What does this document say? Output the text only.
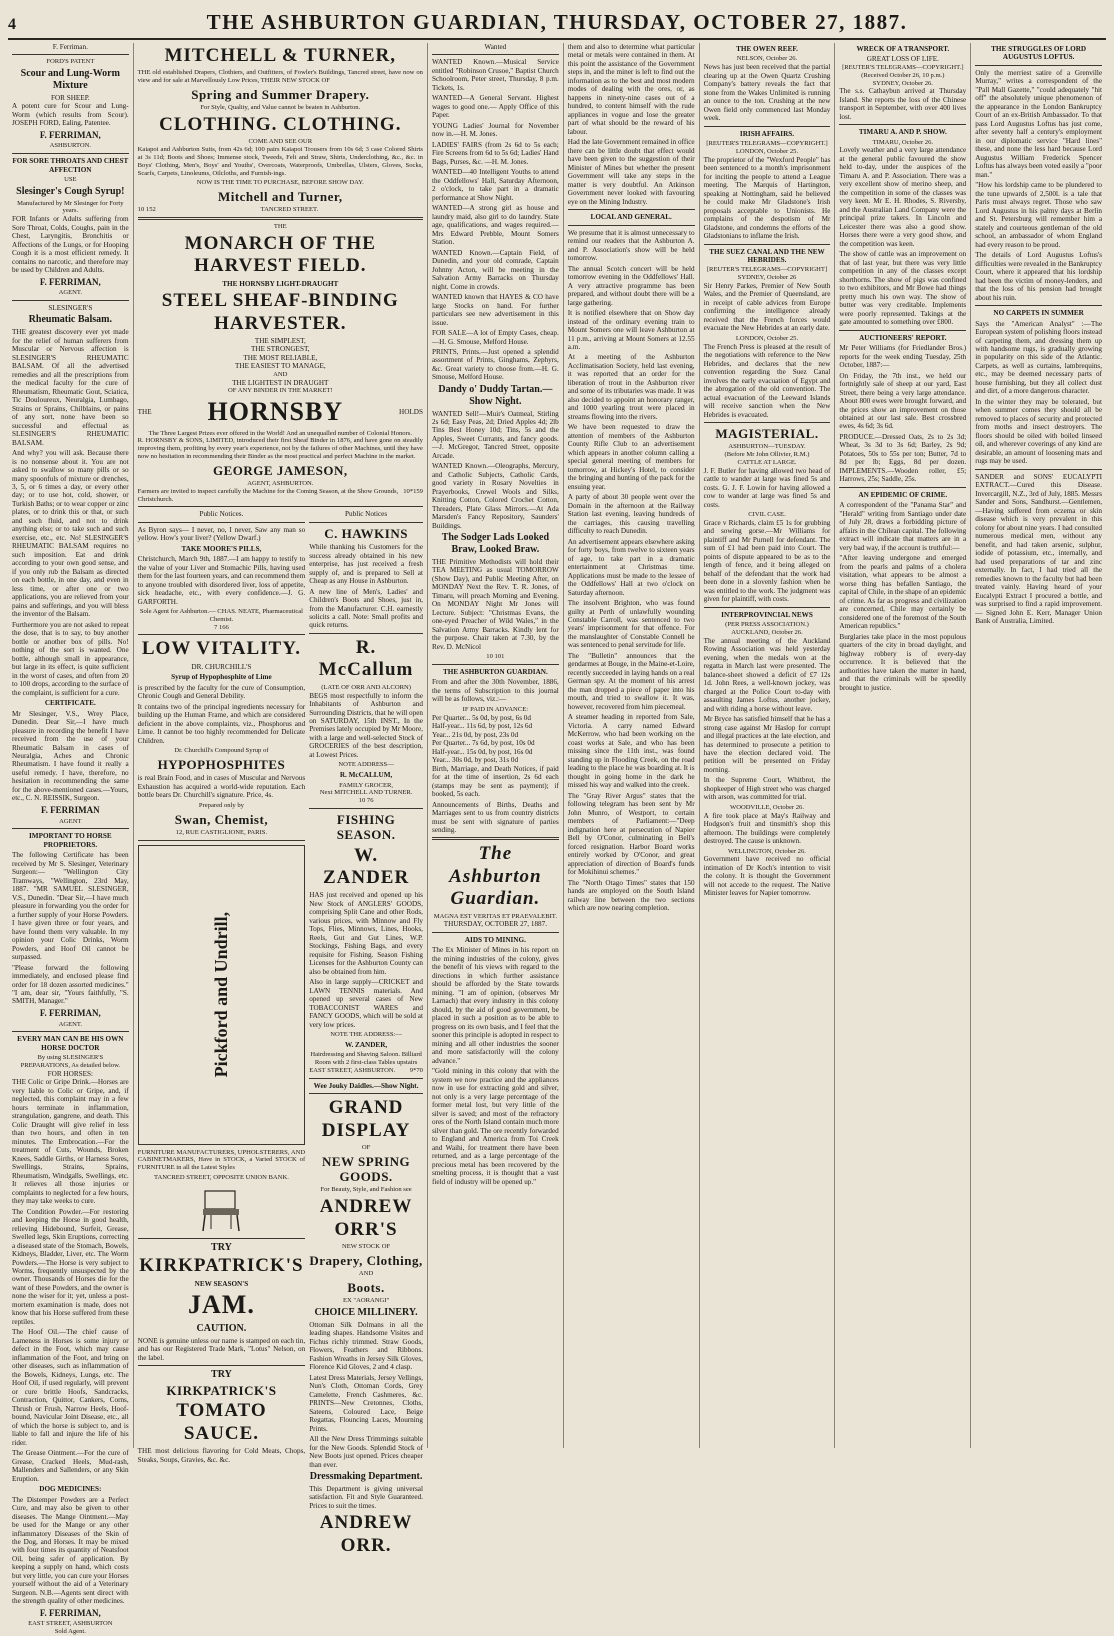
4	THE ASHBURTON GUARDIAN, THURSDAY, OCTOBER 27, 1887.
F. Ferriman.
FORD'S PATENT
Scour and Lung-Worm Mixture
FOR SHEEP.

A potent cure for Scour and Lung-Worm (which results from Scour). JOSEPH FORD, Ealing, Patentee.

F. FERRIMAN,
ASHBURTON.
FOR SORE THROATS AND CHEST AFFECTION
USE
Slesinger's Cough Syrup!
Manufactured by Mr Slesinger for Forty years.

FOR Infants or Adults suffering from Sore Throat, Colds, Coughs, pain in the Chest, Laryngitis, Bronchitis or Affections of the Lungs, or for Hooping Cough it is a most efficient remedy. It contains no narcotic, and therefore may be used by Children and Adults.

F. FERRIMAN,
AGENT.
SLESINGER'S
Rheumatic Balsam.

THE greatest discovery ever yet made for the relief of human sufferers from Muscular or Nervous affection is SLESINGER'S RHEUMATIC BALSAM. Of all the advertised remedies and all the prescriptions from the medical faculty for the cure of Rheumatism, Rheumatic Gout, Sciatica, Tic Douloureux, Neuralgia, Lumbago, Strains or Sprains, Chilblains, or pains of any sort, none have been so successful and effectual as SLESINGER'S RHEUMATIC BALSAM.

And why? you will ask. Because there is no nonsense about it. You are not asked to swallow so many pills or so many spoonfuls of mixture or drenches, 3, 5, or 6 times a day, or every other day; or to use hot, cold, shower, or Turkish Baths; or to wear copper or zinc plates, or to drink this or that, or such and such fluid, and not to drink anything else; or to take such and such exercise, etc., etc. No! SLESINGER'S RHEUMATIC BALSAM requires no such imposition. Eat and drink according to your own good sense, and if you only rub the Balsam as directed on each bottle, in one day, and even in less time, or after one or two applications, you are relieved from your pains and sufferings, and you will bless the inventor of the Balsam.

Furthermore you are not asked to repeat the dose, that is to say, to buy another bottle or another box of pills. No! nothing of the sort is wanted. One bottle, although small in appearance, but large in its effect, is quite sufficient in the worst of cases, and often from 20 to 100 drops, according to the surface of the complaint, is sufficient for a cure.

CERTIFICATE.

Mr Slesinger, V.S., Wrey Place, Dunedin. Dear Sir,—I have much pleasure in recording the benefit I have received from the use of your Rheumatic Balsam in cases of Neuralgia, Aches and Chronic Rheumatism. I have found it really a useful remedy. I have, therefore, no hesitation in recommending the same for the above-mentioned cases.—Yours, etc., C. N. REISSIK, Surgeon.

F. FERRIMAN
AGENT
IMPORTANT TO HORSE PROPRIETORS.

The following Certificate has been received by Mr S. Slesinger, Veterinary Surgeon:— "Wellington City Tramways, "Wellington, 23rd May, 1887. "MR SAMUEL SLESINGER, V.S., Dunedin. "Dear Sir,—I have much pleasure in forwarding you the order for a further supply of your Horse Powders. I have given three or four years, and have found them very valuable. In my opinion your Colic Drinks, Worm Powders, and Hoof Oil cannot be surpassed.

"Please forward the following immediately, and enclosed please find order for 18 dozen assorted medicines." "I am, dear sir, "Yours faithfully, "S. SMITH, Manager."

F. FERRIMAN,
AGENT.
EVERY MAN CAN BE HIS OWN HORSE DOCTOR
By using SLESINGER'S PREPARATIONS, As detailed below.
FOR HORSES:

THE Colic or Gripe Drink.—Horses are very liable to Colic or Gripe, and, if neglected, this complaint may in a few hours terminate in inflammation, strangulation, gangrene, and death. This Colic Draught will give relief in less than two hours, and often in ten minutes. The Embrocation.—For the treatment of Cuts, Wounds, Broken Knees, Saddle Girths, or Harness Sores, Swellings, Strains, Sprains, Rheumatism, Windgalls, Swellings, etc. It relieves all those injuries or complaints to neglected for a few hours, they may take weeks to cure.

The Condition Powder.—For restoring and keeping the Horse in good health, relieving Hidebound, Surfeit, Grease, Swelled legs, Skin Eruptions, correcting a diseased state of the Stomach, Bowels, Kidneys, Bladder, Liver, etc. The Worm Powders.—The Horse is very subject to Worms, frequently unsuspected by the owner. Thousands of Horses die for the want of these Powders, and the owner is none the wiser for it; yet, unless a post-mortem examination is made, does not know that his Horse suffered from these reptiles.

The Hoof Oil.—The chief cause of Lameness in Horses is some injury or defect in the Foot, which may cause inflammation of the Foot, and bring on other diseases, such as inflammation of the Bowels, Kidneys, Lungs, etc. The Hoof Oil, if used regularly, will prevent or cure brittle Hoofs, Sandcracks, Contraction, Quittor, Cankers, Corns, Thrush or Frush, Narrow Heels, Hoof-bound, Navicular Joint Disease, etc., all of which the horse is subject to, and is liable to fall and injure the life of his rider.

The Grease Ointment.—For the cure of Grease, Cracked Heels, Mud-rash, Mallenders and Sallenders, or any Skin Eruption.

DOG MEDICINES:

The Distemper Powders are a Perfect Cure, and may also be given to other diseases. The Mange Ointment.—May be used for the Mange or any other inflammatory Diseases of the Skin of the Dog, and Horses. It may be mixed with four times its quantity of Neatsfoot Oil, being safer of application. By keeping a supply on hand, which costs but very little, you can cure your Horses yourself without the aid of a Veterinary Surgeon. N.B.—Agents sent direct with the strength quality of other medicines.

F. FERRIMAN,
EAST STREET, ASHBURTON
Sold Agent.
MITCHELL & TURNER,

THE old established Drapers, Clothiers, and Outfitters, of Fowler's Buildings, Tancred street, have now on view and for sale at Marvellously Low Prices, THEIR NEW STOCK OF

Spring and Summer Drapery.
For Style, Quality, and Value cannot be beaten in Ashburton.
CLOTHING. CLOTHING.
COME AND SEE OUR

Kaiapoi and Ashburton Suits, from 42s 6d; 100 pairs Kaiapoi Trousers from 10s 6d; 3 case Colored Shirts at 3s 11d; Boots and Shoes; Immense stock, Tweeds, Felt and Straw, Shirts, Underclothing, &c., &c. in Boys' Clothing, Men's, Boys' and Youths', Overcoats, Waterproofs, Umbrellas, Ulsters, Gloves, Socks, Scarfs, Carpets, Linoleums, Oilcloths, and Furnish-ings.

NOW IS THE TIME TO PURCHASE, BEFORE SHOW DAY.
Mitchell and Turner,
10 152	TANCRED STREET.
THE
MONARCH OF THE HARVEST FIELD.
THE HORNSBY LIGHT-DRAUGHT
STEEL SHEAF-BINDING HARVESTER.
THE SIMPLEST,
THE STRONGEST,
THE MOST RELIABLE,
THE EASIEST TO MANAGE,
AND
THE LIGHTEST IN DRAUGHT
OF ANY BINDER IN THE MARKET!
THE HORNSBY	HOLDS
The Three Largest Prizes ever offered in the World! And an unequalled number of Colonial Honors.

R. HORNSBY & SONS, LIMITED, introduced their first Sheaf Binder in 1876, and have gone on steadily improving them, profiting by every year's experience, not by the failures of other Machines, until they have now no hesitation in recommending their Binder as the most practical and perfect Machine in the market.

GEORGE JAMESON,
AGENT, ASHBURTON.
Farmers are invited to inspect carefully the Machine for the Coming Season, at the Show Grounds, Christchurch.
10*159
Public Notices.

As Byron says— I never, no, I never, Saw any man so yellow. How's your liver? (Yellow Dwarf.)

TAKE MOORE'S PILLS,

Christchurch, March 9th, 1887.—I am happy to testify to the value of your Liver and Stomachic Pills, having used them for the last fourteen years, and can recommend them to anyone troubled with disordered liver, loss of appetite, sick headache, etc., with every confidence.—J. G. GARFORTH.

Sole Agent for Ashburton.— CHAS. NEATE, Pharmaceutical Chemist.
7 166
LOW VITALITY.
DR. CHURCHILL'S
Syrup of Hypophosphite of Lime

is prescribed by the faculty for the cure of Consumption, Chronic Cough and General Debility.

It contains two of the principal ingredients necessary for building up the Human Frame, and which are considered deficient in the above complaints, viz., Phosphorus and Lime. It cannot be too highly recommended for Delicate Children.

Dr. Churchill's Compound Syrup of
HYPOPHOSPHITES

is real Brain Food, and in cases of Muscular and Nervous Exhaustion has acquired a world-wide reputation. Each bottle bears Dr. Churchill's signature. Price, 4s.

Prepared only by
Swan, Chemist,
12, RUE CASTIGLIONE, PARIS.
Pickford and Undrill,

FURNITURE MANUFACTURERS, UPHOLSTERERS, AND CABINETMAKERS, Have in STOCK, a Varied STOCK of FURNITURE in all the Latest Styles

TANCRED STREET, OPPOSITE UNION BANK.
TRY
KIRKPATRICK'S
NEW SEASON'S
JAM.
CAUTION.

NONE is genuine unless our name is stamped on each tin, and has our Registered Trade Mark, "Lotus" Nelson, on the label.

TRY
KIRKPATRICK'S
TOMATO SAUCE.

THE most delicious flavoring for Cold Meats, Chops, Steaks, Soups, Gravies, &c. &c.

Public Notices
C. HAWKINS

While thanking his Customers for the success already obtained in his new enterprise, has just received a fresh supply of, and is prepared to Sell at Cheap as any House in Ashburton.

A new line of Men's, Ladies' and Children's Boots and Shoes, just in, from the Manufacturer. C.H. earnestly solicits a call. Note: Small profits and quick returns.

R. McCallum
(LATE OF ORR AND ALCORN)

BEGS most respectfully to inform the Inhabitants of Ashburton and Surrounding Districts, that he will open on SATURDAY, 15th INST., In the Premises lately occupied by Mr Moore, with a large and well-selected Stock of GROCERIES of the best description, at Lowest Prices.

NOTE ADDRESS—
R. McCALLUM,
FAMILY GROCER,
Next MITCHELL AND TURNER.
10 76
FISHING SEASON.
W. ZANDER

HAS just received and opened up his New Stock of ANGLERS' GOODS, comprising Split Cane and other Rods, various prices, with Minnow and Fly Tops, Flies, Minnows, Lines, Hooks, Reels, Gut and Gut Lines, W.P. Stockings, Fishing Bags, and every requisite for Fishing. Season Fishing Licenses for the Ashburton County can also be obtained from him.

Also in large supply—CRICKET and LAWN TENNIS materials. And opened up several cases of New TOBACCONIST WARES and FANCY GOODS, which will be sold at very low prices.

NOTE THE ADDRESS:—
W. ZANDER,
Hairdressing and Shaving Saloon. Billiard Room with 2 first-class Tables upstairs
EAST STREET, ASHBURTON. 9*70
Wee Jouky Daidles.—Show Night.
GRAND DISPLAY
OF
NEW SPRING GOODS.
For Beauty, Style, and Fashion see
ANDREW ORR'S
NEW STOCK OF
Drapery, Clothing,
AND
Boots.
EX "AORANGI"
CHOICE MILLINERY.

Ottoman Silk Dolmans in all the leading shapes. Handsome Visites and Fichus richly trimmed. Straw Goods, Flowers, Feathers and Ribbons. Fashion Wreaths in Jersey Silk Gloves, Florence Kid Gloves, 2 and 4 clasp.

Latest Dress Materials, Jersey Vellings, Nun's Cloth, Ottoman Cords, Grey Camelette, French Cashmeres, &c. PRINTS—New Cretonnes, Cloths, Sateens, Coloured Lace, Beige Regattas, Flouncing Laces, Mourning Prints.

All the New Dress Trimmings suitable for the New Goods. Splendid Stock of New Boots just opened. Prices cheaper than ever.

Dressmaking Department.

This Department is giving universal satisfaction. Fit and Style Guaranteed. Prices to suit the times.

ANDREW ORR.
Wanted

WANTED Known.—Musical Service entitled "Robinson Crusoe," Baptist Church Schoolroom, Peter street, Thursday, 8 p.m. Tickets, 1s.

WANTED—A General Servant. Highest wages to good one.— Apply Office of this Paper.

YOUNG Ladies' Journal for November now in.—H. M. Jones.

LADIES' FAIRS (from 2s 6d to 5s each; Fire Screens from 6d to 5s 6d; Ladies' Hand Bags, Purses, &c. —H. M. Jones.

WANTED—40 Intelligent Youths to attend the Oddfellows' Hall, Saturday Afternoon, 2 o'clock, to take part in a dramatic performance at Show Night.

WANTED—A strong girl as house and laundry maid, also girl to do laundry. State age, qualifications, and wages required.—Mrs Edward Prebble, Mount Somers Station.

WANTED Known.—Captain Field, of Dunedin, and your old comrade, Captain Johnny Acton, will be meeting in the Salvation Army Barracks on Thursday night. Come in crowds.

WANTED known that HAYES & CO have large Stocks on hand. For further particulars see new advertisement in this issue.

FOR SALE—A lot of Empty Cases, cheap.—H. G. Smouse, Melford House.

PRINTS, Prints.—Just opened a splendid assortment of Prints, Ginghams, Zephyrs, &c. Great variety to choose from.—H. G. Smouse, Melford House.

Dandy o' Duddy Tartan.—Show Night.

WANTED Sell!—Muir's Oatmeal, Stirling 2s 6d; Easy Peas, 2d; Dried Apples 4d; 2lb Tins Best Honey 10d; Tins, 5s and the Apples, Sweet Currants, and fancy goods.—J. McGregor, Tancred Street, opposite Arcade.

WANTED Known.—Oleographs, Mercury, and Catholic Subjects, Catholic Cards, good variety in Rosary Novelties in Prayerbooks, Crewel Wools and Silks, Knitting Cotton, Colored Crochet Cotton, Threaders, Plate Glass Mirrors.—At Ada Marsden's Fancy Repository, Saunders' Buildings.

The Sodger Lads Looked Braw, Looked Braw.

THE Primitive Methodists will hold their TEA MEETING as usual TOMORROW (Show Day), and Public Meeting After, on MONDAY Next the Rev. T. R. Jones, of Timaru, will preach Morning and Evening. On MONDAY Night Mr Jones will Lecture. Subject: "Christmas Evans, the one-eyed Preacher of Wild Wales," in the Salvation Army Barracks. Kindly lent for the purpose. Chair taken at 7.30, by the Rev. D. McNicol

10 101
THE ASHBURTON GUARDIAN.

From and after the 30th November, 1886, the terms of Subscription to this journal will be as follows, viz.:—

IF PAID IN ADVANCE:
Per Quarter... 5s 0d, by post, 6s 0d
Half-year... 11s 6d, by post, 12s 6d
Year... 21s 0d, by post, 23s 0d
Per Quarter... 7s 6d, by post, 10s 0d
Half-year... 15s 0d, by post, 16s 0d
Year... 30s 0d, by post, 31s 0d

Birth, Marriage, and Death Notices, if paid for at the time of insertion, 2s 6d each (stamps may be sent as payment); if booked, 5s each.

Announcements of Births, Deaths and Marriages sent to us from country districts must be sent with signature of parties sending.

The Ashburton Guardian.
MAGNA EST VERITAS ET PRAEVALEBIT.
THURSDAY, OCTOBER 27, 1887.
AIDS TO MINING.

The Ex Minister of Mines in his report on the mining industries of the colony, gives the benefit of his views with regard to the directions in which further assistance should be afforded by the State towards mining. "I am of opinion, (observes Mr Larnach) that every industry in this colony should, by the aid of good government, be placed in such a position as to be able to progress on its own basis, and I feel that the sooner this principle is adopted in respect to mining and all other industries the sooner and more satisfactorily will the colony advance."

"Gold mining in this colony that with the system we now practice and the appliances now in use for extracting gold and silver, not only is a very large percentage of the former metal lost, but very little of the silver is saved; and most of the refractory ores of the North Island contain much more silver than gold. The ore recently forwarded to England and America from Toi Creek and Waihi, for treatment there have been returned, and as a large percentage of the precious metal has been recovered by the smelting process, it is thought that a vast field of industry will be opened up."

them and also to determine what particular metal or metals were contained in them. At this point the assistance of the Government steps in, and the miner is left to find out the information as to the best and most modern modes of dealing with the ores, or, as happens in ninety-nine cases out of a hundred, to content himself with the rude appliances in vogue and lose the greater part of what should be the reward of his labour.

Had the late Government remained in office there can be little doubt that effect would have been given to the suggestion of their Minister of Mines but whether the present Government will take any steps in the matter is very doubtful. An Atkinson Government never looked with favouring eye on the Mining Industry.

LOCAL AND GENERAL.

We presume that it is almost unnecessary to remind our readers that the Ashburton A. and P. Association's show will be held tomorrow.

The annual Scotch concert will be held tomorrow evening in the Oddfellows' Hall. A very attractive programme has been prepared, and without doubt there will be a large gathering.

It is notified elsewhere that on Show day instead of the ordinary evening train to Mount Somers one will leave Ashburton at 11 p.m., arriving at Mount Somers at 12.55 a.m.

At a meeting of the Ashburton Acclimatisation Society, held last evening, it was reported that an order for the liberation of trout in the Ashburton river and some of its tributaries was made. It was also decided to appoint an honorary ranger, and 1000 yearling trout were placed in streams flowing into the rivers.

We have been requested to draw the attention of members of the Ashburton County Rifle Club to an advertisement which appears in another column calling a special general meeting of members for tomorrow, at Hickey's Hotel, to consider the bringing and hunting of the pack for the ensuing year.

A party of about 30 people went over the Domain in the afternoon at the Railway Station last evening, leaving hundreds of the carriages, this causing travelling difficulty to reach Dunedin.

An advertisement appears elsewhere asking for forty boys, from twelve to sixteen years of age, to take part in a dramatic entertainment at Christmas time. Applications must be made to the lessee of the Oddfellows' Hall at two o'clock on Saturday afternoon.

The insolvent Brighton, who was found guilty at Perth of unlawfully wounding Constable Carroll, was sentenced to two years' imprisonment for that offence. For the manslaughter of Constable Connell he was sentenced to penal servitude for life.

The "Bulletin" announces that the gendarmes at Bouge, in the Maine-et-Loire, recently succeeded in laying hands on a real German spy. At the moment of his arrest the man dropped a piece of paper into his mouth, and tried to swallow it. It was, however, recovered from him piecemeal.

A steamer heading in reported from Sale, Victoria. A carry named Edward McKerrow, who had been working on the coast works at Sale, and who has been missing since the 11th inst., was found standing up in Flooding Creek, on the road leading to the place he was boarding at. It is thought in going home in the dark he missed his way and walked into the creek.

The "Gray River Argus" states that the following telegram has been sent by Mr John Munro, of Westport, to certain members of Parliament:—"Deep indignation here at persecution of Napier Bell by O'Conor, culminating in Bell's forced resignation. Harbor Board works entirely worked by O'Conor, and great appreciation of direction of Board's funds for Mokihinui schemes."

The "North Otago Times" states that 150 hands are employed on the South Island railway line between the two sections which are now nearing completion.

THE OWEN REEF.
NELSON, October 26.

News has just been received that the partial clearing up at the Owen Quartz Crushing Company's battery reveals the fact that stone from the Wakes Unlimited is running an ounce to the ton. Crushing at the new Owen field only commenced last Monday week.

IRISH AFFAIRS.
[REUTER'S TELEGRAMS—COPYRIGHT.]
LONDON, October 25.

The proprietor of the "Wexford People" has been sentenced to a month's imprisonment for inciting the people to attend a League meeting. The Marquis of Hartington, speaking at Nottingham, said he believed he could make Mr Gladstone's Irish proposals acceptable to Unionists. He complains of the despotism of Mr Gladstone, and condemns the efforts of the Gladstonians to inflame the Irish.

THE SUEZ CANAL AND THE NEW HEBRIDES.
[REUTER'S TELEGRAMS—COPYRIGHT]
SYDNEY, October 26

Sir Henry Parkes, Premier of New South Wales, and the Premier of Queensland, are in receipt of cable advices from Europe confirming the intelligence already received that the French forces would evacuate the New Hebrides at an early date.

LONDON, October 25.

The French Press is pleased at the result of the negotiations with reference to the New Hebrides, and declares that the new convention regarding the Suez Canal involves the early evacuation of Egypt and the abrogation of the old convention. The actual evacuation of the Leeward Islands will receive sanction when the New Hebrides is evacuated.

MAGISTERIAL.
ASHBURTON—TUESDAY.
(Before Mr John Ollivier, R.M.)
CATTLE AT LARGE.

J. F. Butler for having allowed two head of cattle to wander at large was fined 5s and costs. G. J. F. Lowin for having allowed a cow to wander at large was fined 5s and costs.

CIVIL CASE.

Grace v Richards, claim £5 1s for grubbing and sowing gorse.—Mr Williams for plaintiff and Mr Purnell for defendant. The sum of £1 had been paid into Court. The points of dispute appeared to be as to the length of fence, and it being alleged on behalf of the defendant that the work had been done in a slovenly fashion when he was entitled to the work. The judgment was given for plaintiff, with costs.

INTERPROVINCIAL NEWS
(PER PRESS ASSOCIATION.)
AUCKLAND, October 26.

The annual meeting of the Auckland Rowing Association was held yesterday evening, when the medals won at the regatta in March last were presented. The balance-sheet showed a deficit of £7 12s 1d. John Rees, a well-known jockey, was charged at the Police Court to-day with assaulting James Loftus, another jockey, and with riding a horse without leave.

Mr Bryce has satisfied himself that he has a strong case against Mr Haslop for corrupt and illegal practices at the late election, and has determined to prosecute a petition to have the election declared void. The petition will be presented on Friday morning.

In the Supreme Court, Whitbrot, the shopkeeper of High street who was charged with arson, was committed for trial.

WOODVILLE, October 26.

A fire took place at May's Railway and Hodgson's fruit and tinsmith's shop this afternoon. The buildings were completely destroyed. The cause is unknown.

WELLINGTON, October 26.

Government have received no official intimation of Dr Koch's intention to visit the colony. It is thought the Government will not accede to the request. The Native Minister leaves for Napier tomorrow.

WRECK OF A TRANSPORT.
GREAT LOSS OF LIFE.
[REUTER'S TELEGRAMS—COPYRIGHT.]
(Received October 26, 10 p.m.)
SYDNEY, October 26.

The s.s. Cathaybun arrived at Thursday Island. She reports the loss of the Chinese transport in September, with over 400 lives lost.

TIMARU A. AND P. SHOW.
TIMARU, October 26.

Lovely weather and a very large attendance at the general public favoured the show held to-day, under the auspices of the Timaru A. and P. Association. There was a very excellent show of merino sheep, and the competition in some of the classes was very keen. Mr E. H. Rhodes, S. Riversby, and the Australian Land Company were the principal prize takers. In Lincoln and Leicester there was also a good show. Horses there were a very good show, and the competition was keen.

The show of cattle was an improvement on that of last year, but there was very little competition in any of the classes except shorthorns. The show of pigs was confined to two exhibitors, and Mr Bowe had things pretty much his own way. The show of butter was very creditable. Implements were poorly represented. Takings at the gate amounted to something over £800.

AUCTIONEERS' REPORT.

Mr Peter Williams (for Friedlander Bros.) reports for the week ending Tuesday, 25th October, 1887:—

On Friday, the 7th inst., we held our fortnightly sale of sheep at our yard, East Street, there being a very large attendance. About 800 ewes were brought forward, and the prices show an improvement on those obtained at our last sale. Best crossbred ewes, 4s 6d; 3s 6d.

PRODUCE.—Dressed Oats, 2s to 2s 3d; Wheat, 3s 3d to 3s 6d; Barley, 2s 9d; Potatoes, 50s to 55s per ton; Butter, 7d to 8d per lb; Eggs, 8d per dozen. IMPLEMENTS.—Wooden roller, £5; Harrows, 25s; Saddle, 25s.

AN EPIDEMIC OF CRIME.

A correspondent of the "Panama Star" and "Herald" writing from Santiago under date of July 28, draws a forbidding picture of affairs in the Chilean capital. The following extract will indicate that matters are in a very bad way, if the account is truthful:—

"After leaving undergone and emerged from the pearls and palms of a cholera visitation, what appears to be almost a worse thing has befallen Santiago, the capital of Chile, in the shape of an epidemic of crime. As far as progress and civilization are concerned, Chile may certainly be considered one of the foremost of the South American republics."

Burglaries take place in the most populous quarters of the city in broad daylight, and highway robbery is of every-day occurrence. It is believed that the authorities have taken the matter in hand, and that the criminals will be speedily brought to justice.

THE STRUGGLES OF LORD AUGUSTUS LOFTUS.

Only the merriest satire of a Grenville Murray," writes a correspondent of the "Pall Mall Gazette," "could adequately "hit off" the absolutely unique phenomenon of the appearance in the London Bankruptcy Court of an ex-British Ambassador. To that pass Lord Augustus Loftus has just come, after seventy half a century's employment in our diplomatic service "Hard lines" these, and none the less hard because Lord Augustus William Frederick Spencer Loftus has always been voted easily a "poor man."

"How his lordship came to be plundered to the tune upwards of 2,500l. is a tale that Paris must always regret. Those who saw Lord Augustus in his palmy days at Berlin and St. Petersburg will remember him a stately and courteous gentleman of the old school, an ambassador of whom England had every reason to be proud.

The details of Lord Augustus Loftus's difficulties were revealed in the Bankruptcy Court, where it appeared that his lordship had been the victim of money-lenders, and that the loss of his pension had brought about his ruin.

NO CARPETS IN SUMMER

Says the "American Analyst" :—The European system of polishing floors instead of carpeting them, and dressing them up with handsome rugs, is gradually growing in popularity on this side of the Atlantic. Carpets, as well as curtains, lambrequins, etc., may be deemed necessary parts of house furnishing, but they all collect dust and dirt, of a more dangerous character.

In the winter they may be tolerated, but when summer comes they should all be removed to places of security and protected from moths and insect destroyers. The floors should be oiled with boiled linseed oil, and wherever coverings of any kind are desirable, an amount of loosening mats and rugs may be used.

SANDER and SONS' EUCALYPTI EXTRACT.—Cured this Disease. Invercargill, N.Z., 3rd of July, 1885. Messrs Sander and Sons, Sandhurst.—Gentlemen,—Having suffered from eczema or skin disease which is very prevalent in this colony for about nine years. I had consulted numerous medical men, without any benefit, and had taken arsenic, sulphur, iodide of potassium, etc., internally, and had used preparations of tar and zinc externally. In fact, I had tried all the remedies known to the faculty but had been treated vainly. Having heard of your Eucalypti Extract I procured a bottle, and was surprised to find a rapid improvement. — Signed John E. Kerr, Manager Union Bank of Australia, Limited.
